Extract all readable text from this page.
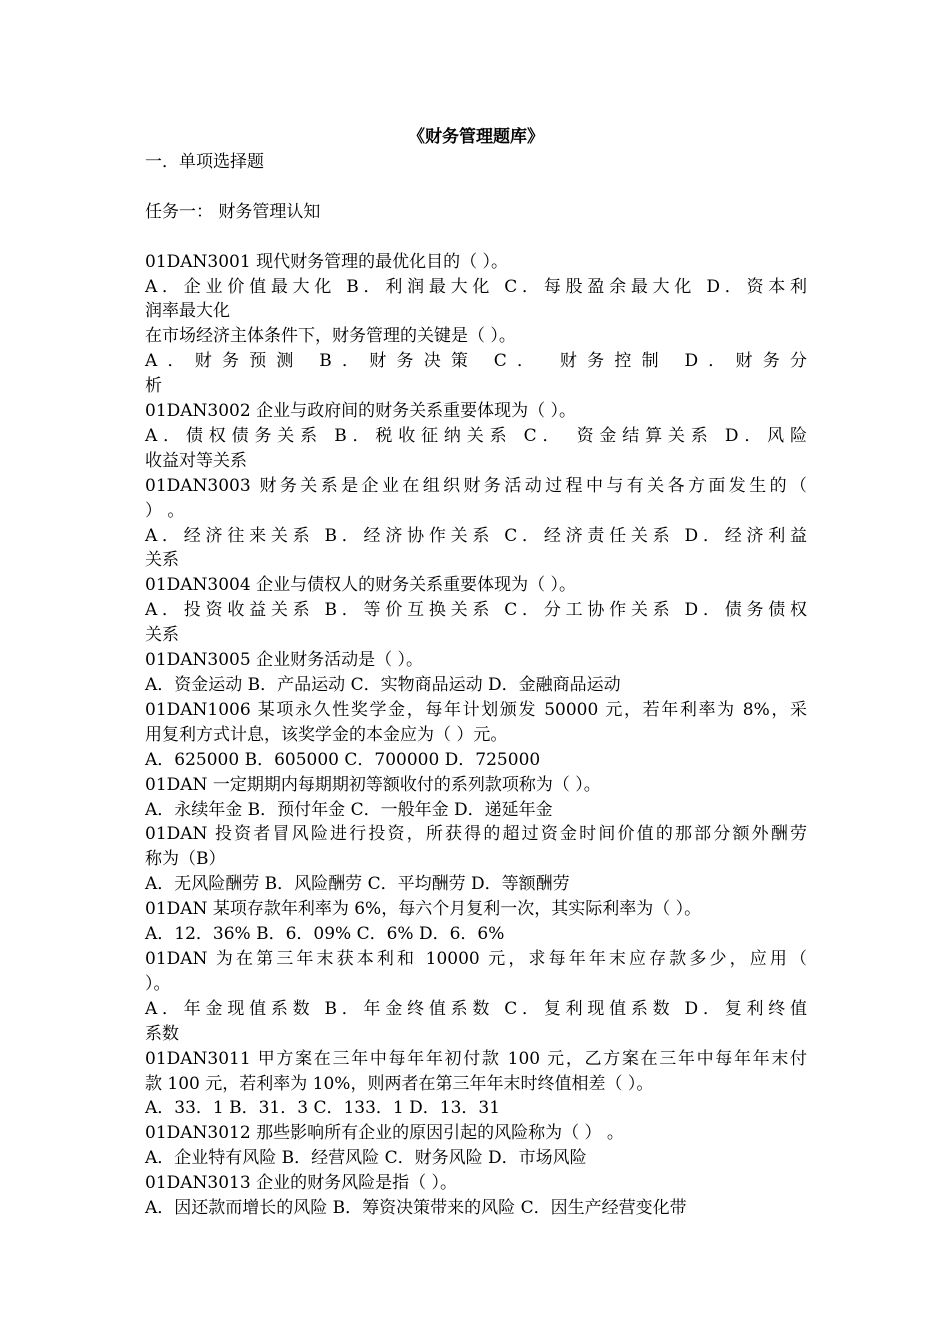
《财务管理题库》
一．单项选择题
任务一： 财务管理认知
01DAN3001 现代财务管理的最优化目的（ ）。
A．企业价值最大化 B．利润最大化 C．每股盈余最大化 D．资本利
润率最大化
在市场经济主体条件下，财务管理的关键是（ ）。
A．财务预测 B．财务决策 C． 财务控制 D．财务分
析
01DAN3002 企业与政府间的财务关系重要体现为（ ）。
A．债权债务关系 B．税收征纳关系 C． 资金结算关系 D．风险
收益对等关系
01DAN3003 财务关系是企业在组织财务活动过程中与有关各方面发生的（
） 。
A．经济往来关系 B．经济协作关系 C．经济责任关系 D．经济利益
关系
01DAN3004 企业与债权人的财务关系重要体现为（ ）。
A．投资收益关系 B．等价互换关系 C．分工协作关系 D．债务债权
关系
01DAN3005 企业财务活动是（ ）。
A．资金运动 B．产品运动 C．实物商品运动 D．金融商品运动
01DAN1006 某项永久性奖学金，每年计划颁发 50000 元，若年利率为 8%，采
用复利方式计息，该奖学金的本金应为（ ）元。
A．625000 B．605000 C．700000 D．725000
01DAN 一定期期内每期期初等额收付的系列款项称为（ ）。
A．永续年金 B．预付年金 C．一般年金 D．递延年金
01DAN 投资者冒风险进行投资，所获得的超过资金时间价值的那部分额外酬劳
称为（B）
A．无风险酬劳 B．风险酬劳 C．平均酬劳 D．等额酬劳
01DAN 某项存款年利率为 6%，每六个月复利一次，其实际利率为（ ）。
A．12．36% B．6．09% C．6% D．6．6%
01DAN 为在第三年末获本利和 10000 元，求每年年末应存款多少，应用（
）。
A．年金现值系数 B．年金终值系数 C．复利现值系数 D．复利终值
系数
01DAN3011 甲方案在三年中每年年初付款 100 元，乙方案在三年中每年年末付
款 100 元，若利率为 10%，则两者在第三年年末时终值相差（ ）。
A．33．1 B．31．3 C．133．1 D．13．31
01DAN3012 那些影响所有企业的原因引起的风险称为（ ） 。
A．企业特有风险 B．经营风险 C．财务风险 D．市场风险
01DAN3013 企业的财务风险是指（ ）。
A．因还款而增长的风险 B．筹资决策带来的风险 C．因生产经营变化带
